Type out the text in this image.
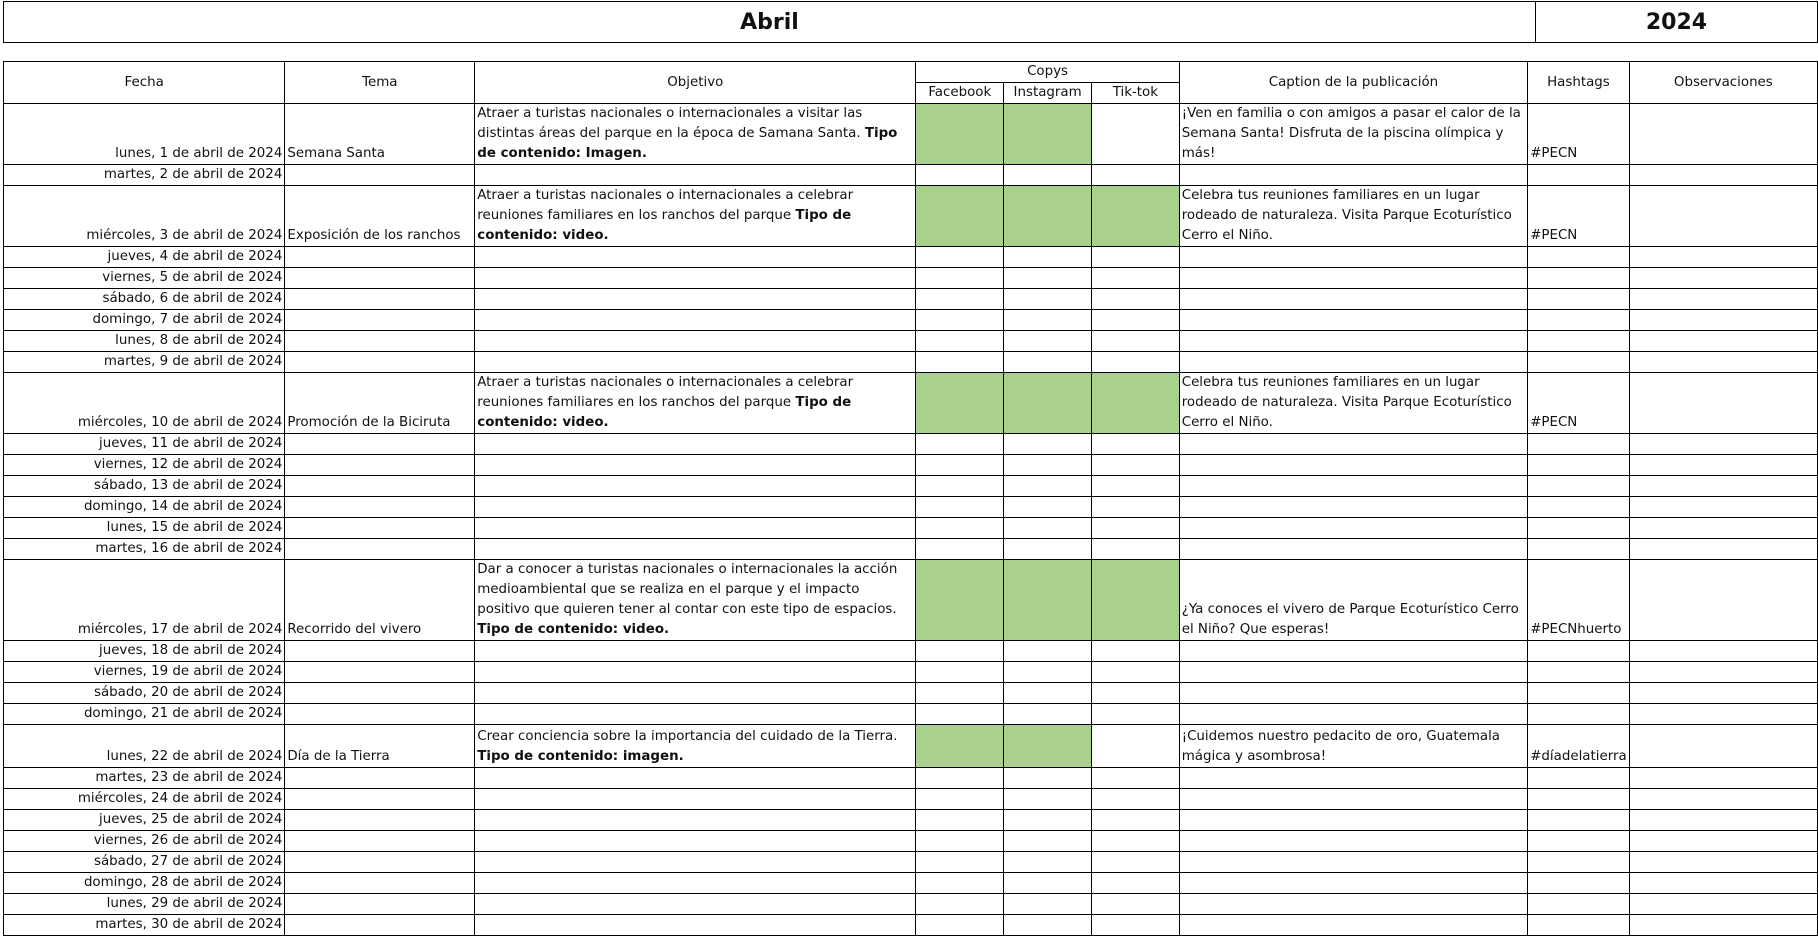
Abril	2024
Fecha	Tema	Objetivo	Copys			Caption de la publicación	Hashtags	Observaciones
			Facebook	Instagram	Tik-tok			
lunes, 1 de abril de 2024	Semana Santa	Atraer a turistas nacionales o internacionales a visitar las distintas áreas del parque en la época de Samana Santa. Tipo de contenido: Imagen.				¡Ven en familia o con amigos a pasar el calor de la Semana Santa! Disfruta de la piscina olímpica y más!	#PECN	
martes, 2 de abril de 2024								
miércoles, 3 de abril de 2024	Exposición de los ranchos	Atraer a turistas nacionales o internacionales a celebrar reuniones familiares en los ranchos del parque Tipo de contenido: video.				Celebra tus reuniones familiares en un lugar rodeado de naturaleza. Visita Parque Ecoturístico Cerro el Niño.	#PECN	
jueves, 4 de abril de 2024								
viernes, 5 de abril de 2024								
sábado, 6 de abril de 2024								
domingo, 7 de abril de 2024								
lunes, 8 de abril de 2024								
martes, 9 de abril de 2024								
miércoles, 10 de abril de 2024	Promoción de la Biciruta	Atraer a turistas nacionales o internacionales a celebrar reuniones familiares en los ranchos del parque Tipo de contenido: video.				Celebra tus reuniones familiares en un lugar rodeado de naturaleza. Visita Parque Ecoturístico Cerro el Niño.	#PECN	
jueves, 11 de abril de 2024								
viernes, 12 de abril de 2024								
sábado, 13 de abril de 2024								
domingo, 14 de abril de 2024								
lunes, 15 de abril de 2024								
martes, 16 de abril de 2024								
miércoles, 17 de abril de 2024	Recorrido del vivero	Dar a conocer a turistas nacionales o internacionales la acción medioambiental que se realiza en el parque y el impacto positivo que quieren tener al contar con este tipo de espacios. Tipo de contenido: video.				¿Ya conoces el vivero de Parque Ecoturístico Cerro el Niño? Que esperas!	#PECNhuerto	
jueves, 18 de abril de 2024								
viernes, 19 de abril de 2024								
sábado, 20 de abril de 2024								
domingo, 21 de abril de 2024								
lunes, 22 de abril de 2024	Día de la Tierra	Crear conciencia sobre la importancia del cuidado de la Tierra. Tipo de contenido: imagen.				¡Cuidemos nuestro pedacito de oro, Guatemala mágica y asombrosa!	#díadelatierra	
martes, 23 de abril de 2024								
miércoles, 24 de abril de 2024								
jueves, 25 de abril de 2024								
viernes, 26 de abril de 2024								
sábado, 27 de abril de 2024								
domingo, 28 de abril de 2024								
lunes, 29 de abril de 2024								
martes, 30 de abril de 2024								
